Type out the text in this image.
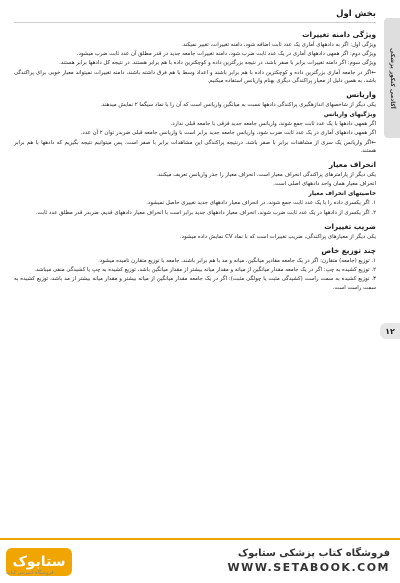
بخش اول
ویژگی دامنه تغییرات

ویژگی اول: اگر به دادههای آماری یک عدد ثابت اضافه شود، دامنه تغییرات، تغییر نمیکند.

ویژگی دوم: اگر همهی دادههای آماری در یک عدد ثابت ضرب شود، دامنه تغییرات جامعه جدید در قدر مطلق آن عدد ثابت ضرب میشود.

ویژگی سوم: اگر دامنه تغییرات برابر با صفر باشد، در نتیجه بزرگترین داده و کوچکترین داده با هم برابر هستند. در نتیجه کل دادهها برابر هستند.

← اگر در جامعه آماری بزرگترین داده و کوچکترین داده با هم برابر باشند و اعداد وسط با هم فرق داشته باشند، دامنه تغییرات نمیتواند معیار خوبی برای پراکندگی باشد، به همین دلیل از معیار پراکندگی دیگری بهنام واریانس استفاده میکنیم.

واریانس

یکی دیگر از شاخصهای اندازهگیری پراکندگی دادهها نسبت به میانگین واریانس است که آن را با نماد سیگما ۲ نمایش میدهند.

ویژگیهای واریانس

اگر همهی دادهها با یک عدد ثابت جمع شوند، واریانس جامعه جدید فرقی با جامعه قبلی ندارد.

اگر همهی دادههای آماری در یک عدد ثابت ضرب شود، واریانس جامعه جدید برابر است با واریانس جامعه قبلی ضربدر توان ۲ آن عدد.

← اگر واریانس یک سری از مشاهدات برابر با صفر باشد، درنتیجه پراکندگی این مشاهدات برابر با صفر است. پس میتوانیم نتیجه بگیریم که دادهها با هم برابر هستند.

انحراف معیار

یکی دیگر از پارامترهای پراکندگی انحراف معیار است. انحراف معیار را جذر واریانس تعریف میکنند.

انحراف معیار همان واحد دادههای اصلی است.

خاصیتهای انحراف معیار

۱. اگر یکسری داده را با یک عدد ثابت جمع شوند، در انحراف معیار دادههای جدید تغییری حاصل نمیشود.

۲. اگر یکسری از دادهها در یک عدد ثابت ضرب شوند، انحراف معیار دادههای جدید برابر است با انحراف معیار دادههای قدیم، ضربدر قدر مطلق عدد ثابت.

ضریب تغییرات

یکی دیگر از معیارهای پراکندگی، ضریب تغییرات است که با نماد CV نمایش داده میشود.

چند توزیع خاص

۱. توزیع (جامعه) متقارن: اگر در یک جامعه مقادیر میانگین، میانه و مد با هم برابر باشند، جامعه با توزیع متقارن نامیده میشود.

۲. توزیع کشیده به چپ: اگر در یک جامعه مقدار میانگین از میانه و مقدار میانه بیشتر از مقدار میانگین باشد، توزیع کشیده به چپ یا کشیدگی منفی میباشد.

۳. توزیع کشیده به سمت راست (کشیدگی مثبت یا چولگی مثبت): اگر در یک جامعه مقدار میانگین از میانه بیشتر و مقدار میانه بیشتر از مد باشد، توزیع کشیده به سمت راست است.

آکادمی کنکور پزشکی
۱۲
ستابوک
فروشگاه اینترنتی کتاب
فروشگاه کتاب پزشکی ستابوک
WWW.SETABOOK.COM
